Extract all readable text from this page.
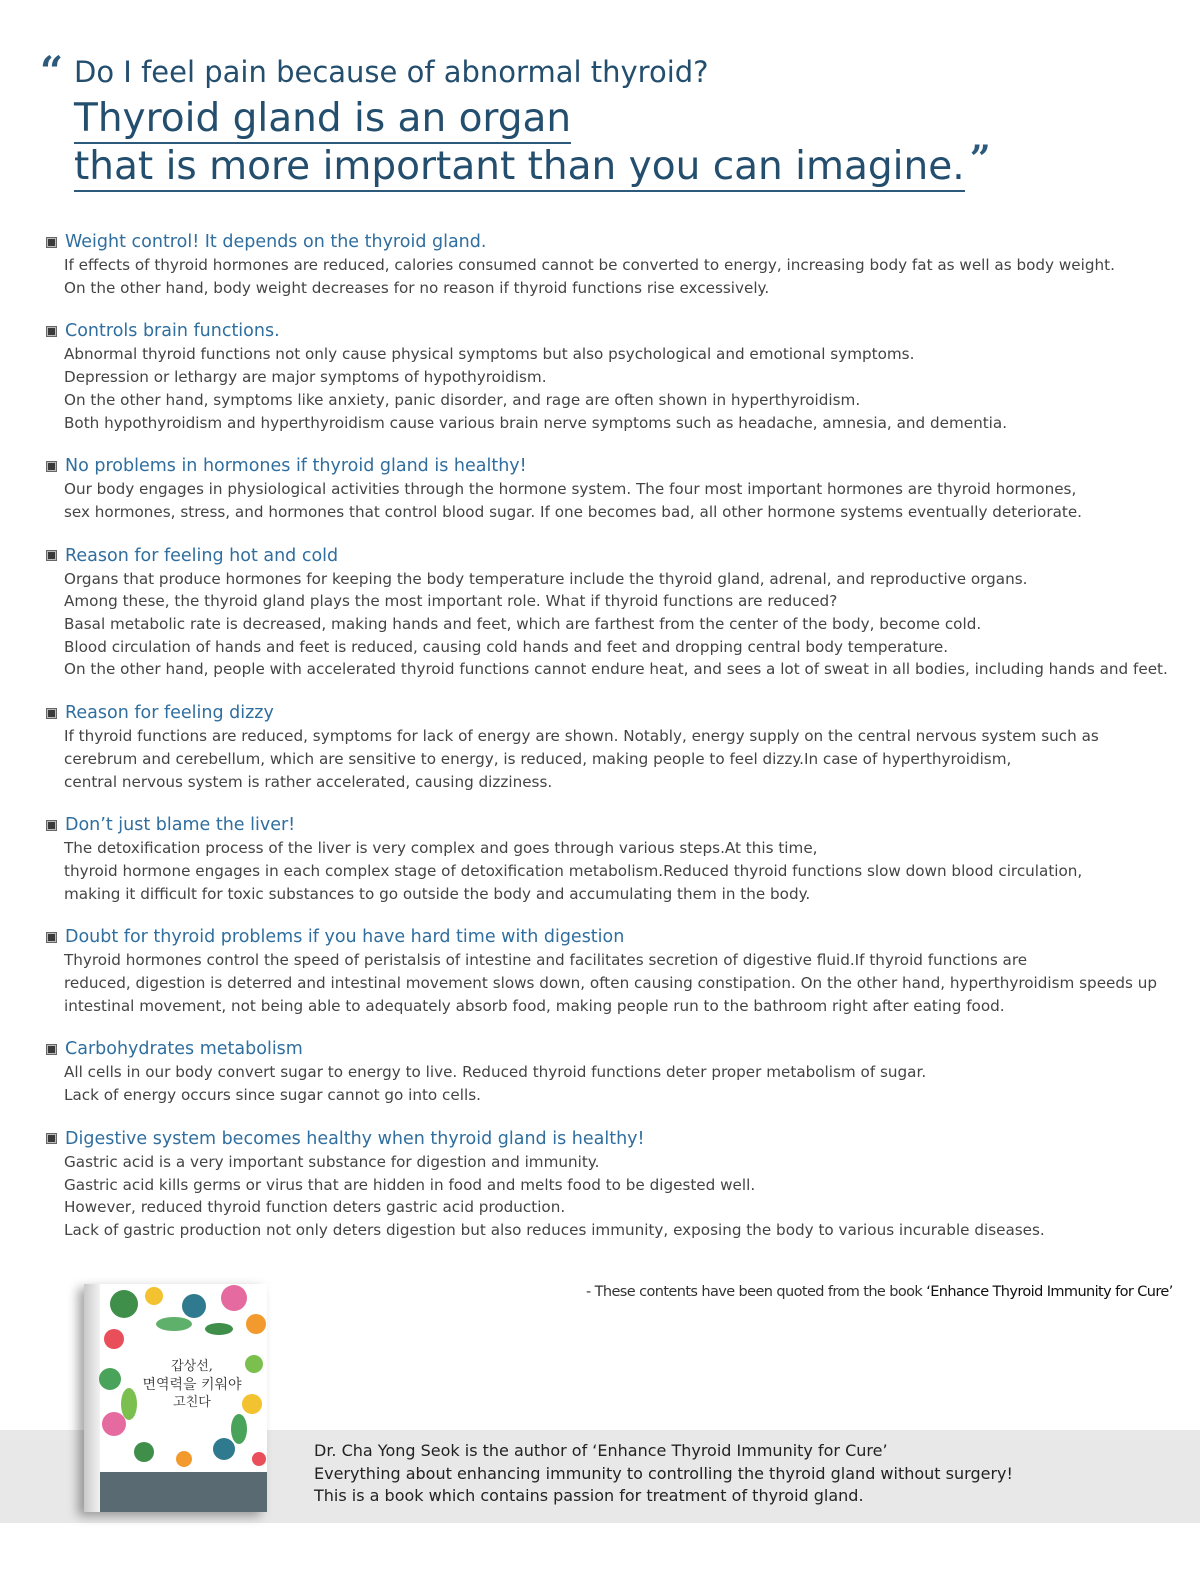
“ Do I feel pain because of abnormal thyroid?
Thyroid gland is an organ
that is more important than you can imagine. ”
Weight control! It depends on the thyroid gland.
If effects of thyroid hormones are reduced, calories consumed cannot be converted to energy, increasing body fat as well as body weight.
On the other hand, body weight decreases for no reason if thyroid functions rise excessively.
Controls brain functions.
Abnormal thyroid functions not only cause physical symptoms but also psychological and emotional symptoms.
Depression or lethargy are major symptoms of hypothyroidism.
On the other hand, symptoms like anxiety, panic disorder, and rage are often shown in hyperthyroidism.
Both hypothyroidism and hyperthyroidism cause various brain nerve symptoms such as headache, amnesia, and dementia.
No problems in hormones if thyroid gland is healthy!
Our body engages in physiological activities through the hormone system. The four most important hormones are thyroid hormones,
sex hormones, stress, and hormones that control blood sugar. If one becomes bad, all other hormone systems eventually deteriorate.
Reason for feeling hot and cold
Organs that produce hormones for keeping the body temperature include the thyroid gland, adrenal, and reproductive organs.
Among these, the thyroid gland plays the most important role. What if thyroid functions are reduced?
Basal metabolic rate is decreased, making hands and feet, which are farthest from the center of the body, become cold.
Blood circulation of hands and feet is reduced, causing cold hands and feet and dropping central body temperature.
On the other hand, people with accelerated thyroid functions cannot endure heat, and sees a lot of sweat in all bodies, including hands and feet.
Reason for feeling dizzy
If thyroid functions are reduced, symptoms for lack of energy are shown. Notably, energy supply on the central nervous system such as
cerebrum and cerebellum, which are sensitive to energy, is reduced, making people to feel dizzy.In case of hyperthyroidism,
central nervous system is rather accelerated, causing dizziness.
Don’t just blame the liver!
The detoxification process of the liver is very complex and goes through various steps.At this time,
thyroid hormone engages in each complex stage of detoxification metabolism.Reduced thyroid functions slow down blood circulation,
making it difficult for toxic substances to go outside the body and accumulating them in the body.
Doubt for thyroid problems if you have hard time with digestion
Thyroid hormones control the speed of peristalsis of intestine and facilitates secretion of digestive fluid.If thyroid functions are
reduced, digestion is deterred and intestinal movement slows down, often causing constipation. On the other hand, hyperthyroidism speeds up
intestinal movement, not being able to adequately absorb food, making people run to the bathroom right after eating food.
Carbohydrates metabolism
All cells in our body convert sugar to energy to live. Reduced thyroid functions deter proper metabolism of sugar.
Lack of energy occurs since sugar cannot go into cells.
Digestive system becomes healthy when thyroid gland is healthy!
Gastric acid is a very important substance for digestion and immunity.
Gastric acid kills germs or virus that are hidden in food and melts food to be digested well.
However, reduced thyroid function deters gastric acid production.
Lack of gastric production not only deters digestion but also reduces immunity, exposing the body to various incurable diseases.
- These contents have been quoted from the book ‘Enhance Thyroid Immunity for Cure’
갑상선,
면역력을 키워야
고친다
Dr. Cha Yong Seok is the author of ‘Enhance Thyroid Immunity for Cure’
Everything about enhancing immunity to controlling the thyroid gland without surgery!
This is a book which contains passion for treatment of thyroid gland.
